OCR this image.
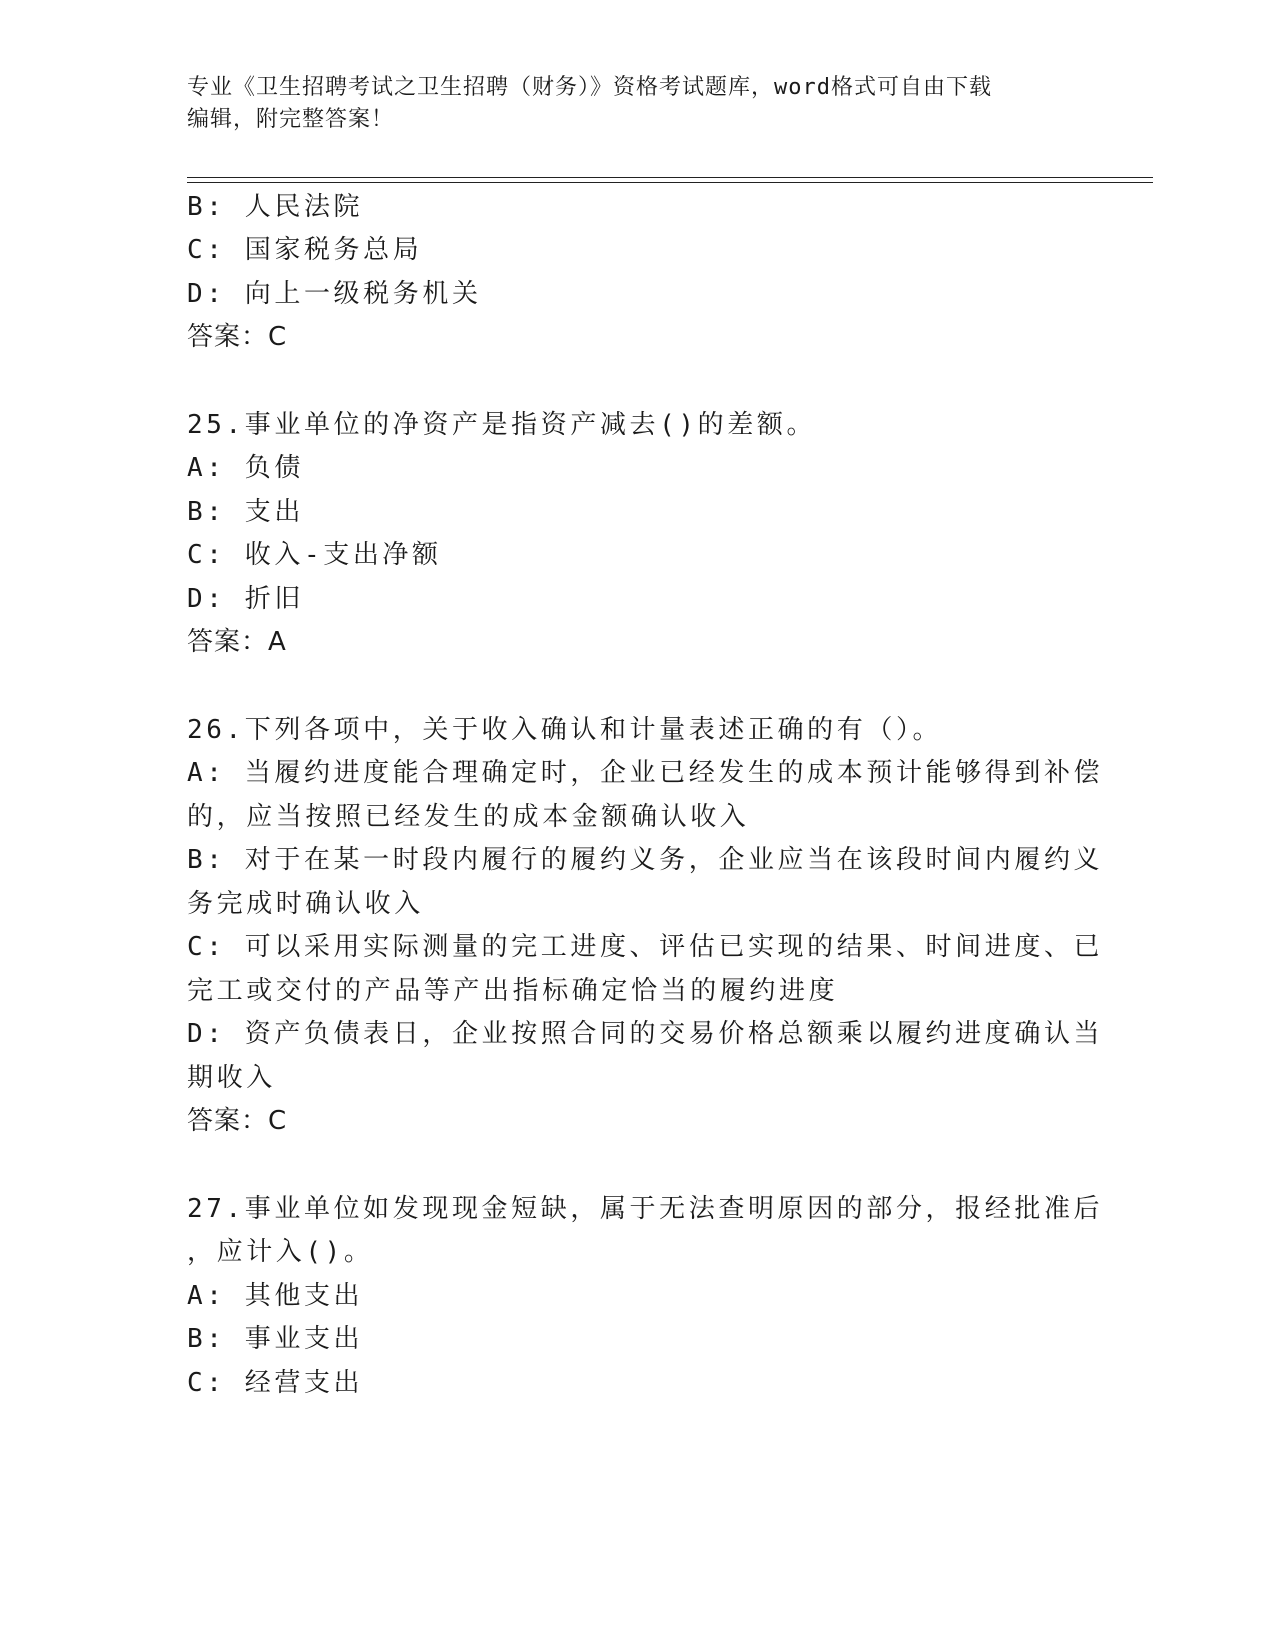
专业《卫生招聘考试之卫生招聘（财务）》资格考试题库，word格式可自由下载
编辑，附完整答案！
B: 人民法院
C: 国家税务总局
D: 向上一级税务机关
答案：C
25.事业单位的净资产是指资产减去()的差额。
A: 负债
B: 支出
C: 收入-支出净额
D: 折旧
答案：A
26.下列各项中，关于收入确认和计量表述正确的有（）。
A: 当履约进度能合理确定时，企业已经发生的成本预计能够得到补偿
的，应当按照已经发生的成本金额确认收入
B: 对于在某一时段内履行的履约义务，企业应当在该段时间内履约义
务完成时确认收入
C: 可以采用实际测量的完工进度、评估已实现的结果、时间进度、已
完工或交付的产品等产出指标确定恰当的履约进度
D: 资产负债表日，企业按照合同的交易价格总额乘以履约进度确认当
期收入
答案：C
27.事业单位如发现现金短缺，属于无法查明原因的部分，报经批准后
，应计入()。
A: 其他支出
B: 事业支出
C: 经营支出
